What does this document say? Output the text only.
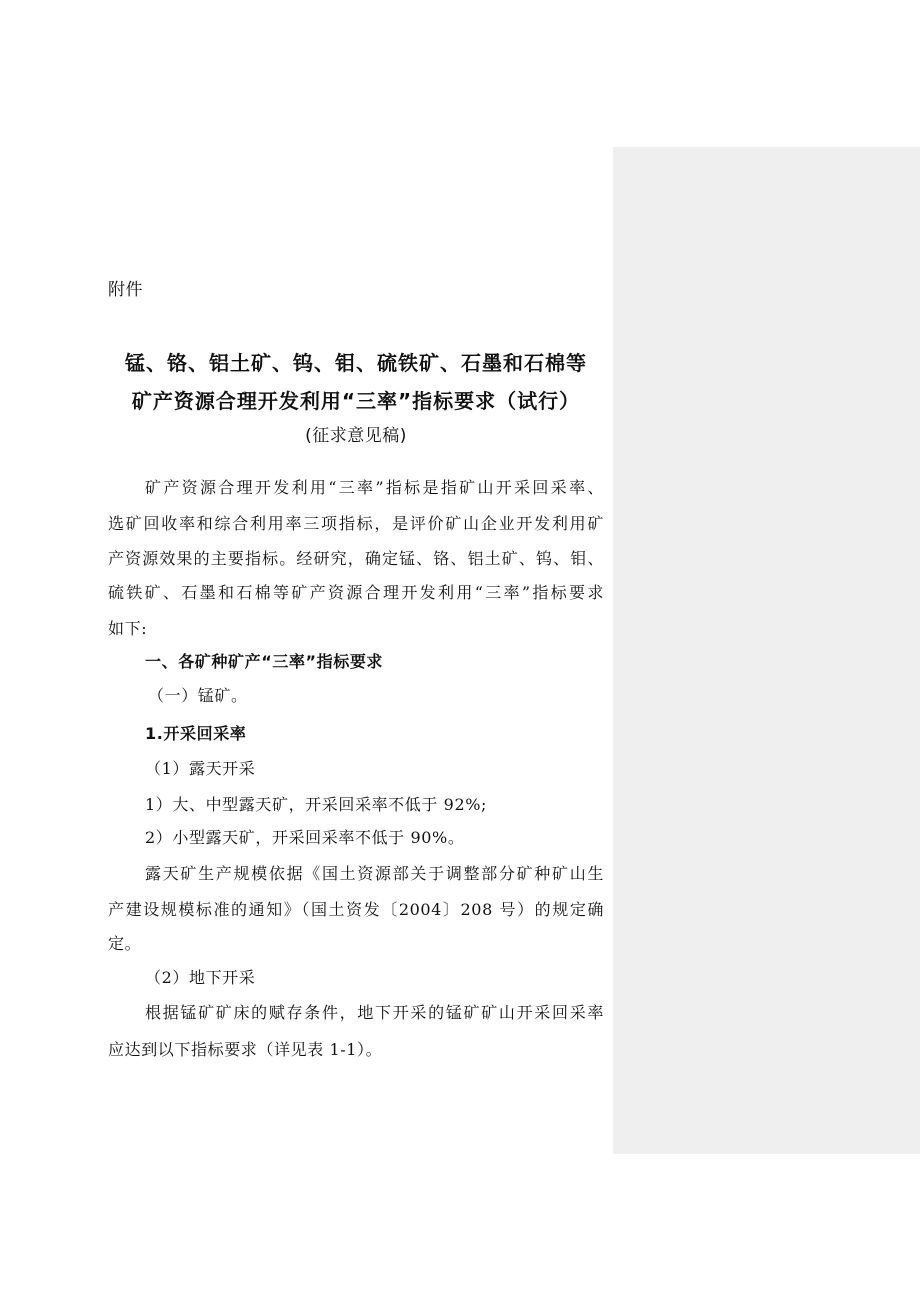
附件
锰、铬、铝土矿、钨、钼、硫铁矿、石墨和石棉等
矿产资源合理开发利用“三率”指标要求（试行）
(征求意见稿)
矿产资源合理开发利用“三率”指标是指矿山开采回采率、
选矿回收率和综合利用率三项指标，是评价矿山企业开发利用矿
产资源效果的主要指标。经研究，确定锰、铬、铝土矿、钨、钼、
硫铁矿、石墨和石棉等矿产资源合理开发利用“三率”指标要求
如下:
一、各矿种矿产“三率”指标要求
（一）锰矿。
1.开采回采率
（1）露天开采
1）大、中型露天矿，开采回采率不低于 92%;
2）小型露天矿，开采回采率不低于 90%。
露天矿生产规模依据《国土资源部关于调整部分矿种矿山生
产建设规模标准的通知》（国土资发〔2004〕208 号）的规定确
定。
（2）地下开采
根据锰矿矿床的赋存条件，地下开采的锰矿矿山开采回采率
应达到以下指标要求（详见表 1-1）。
